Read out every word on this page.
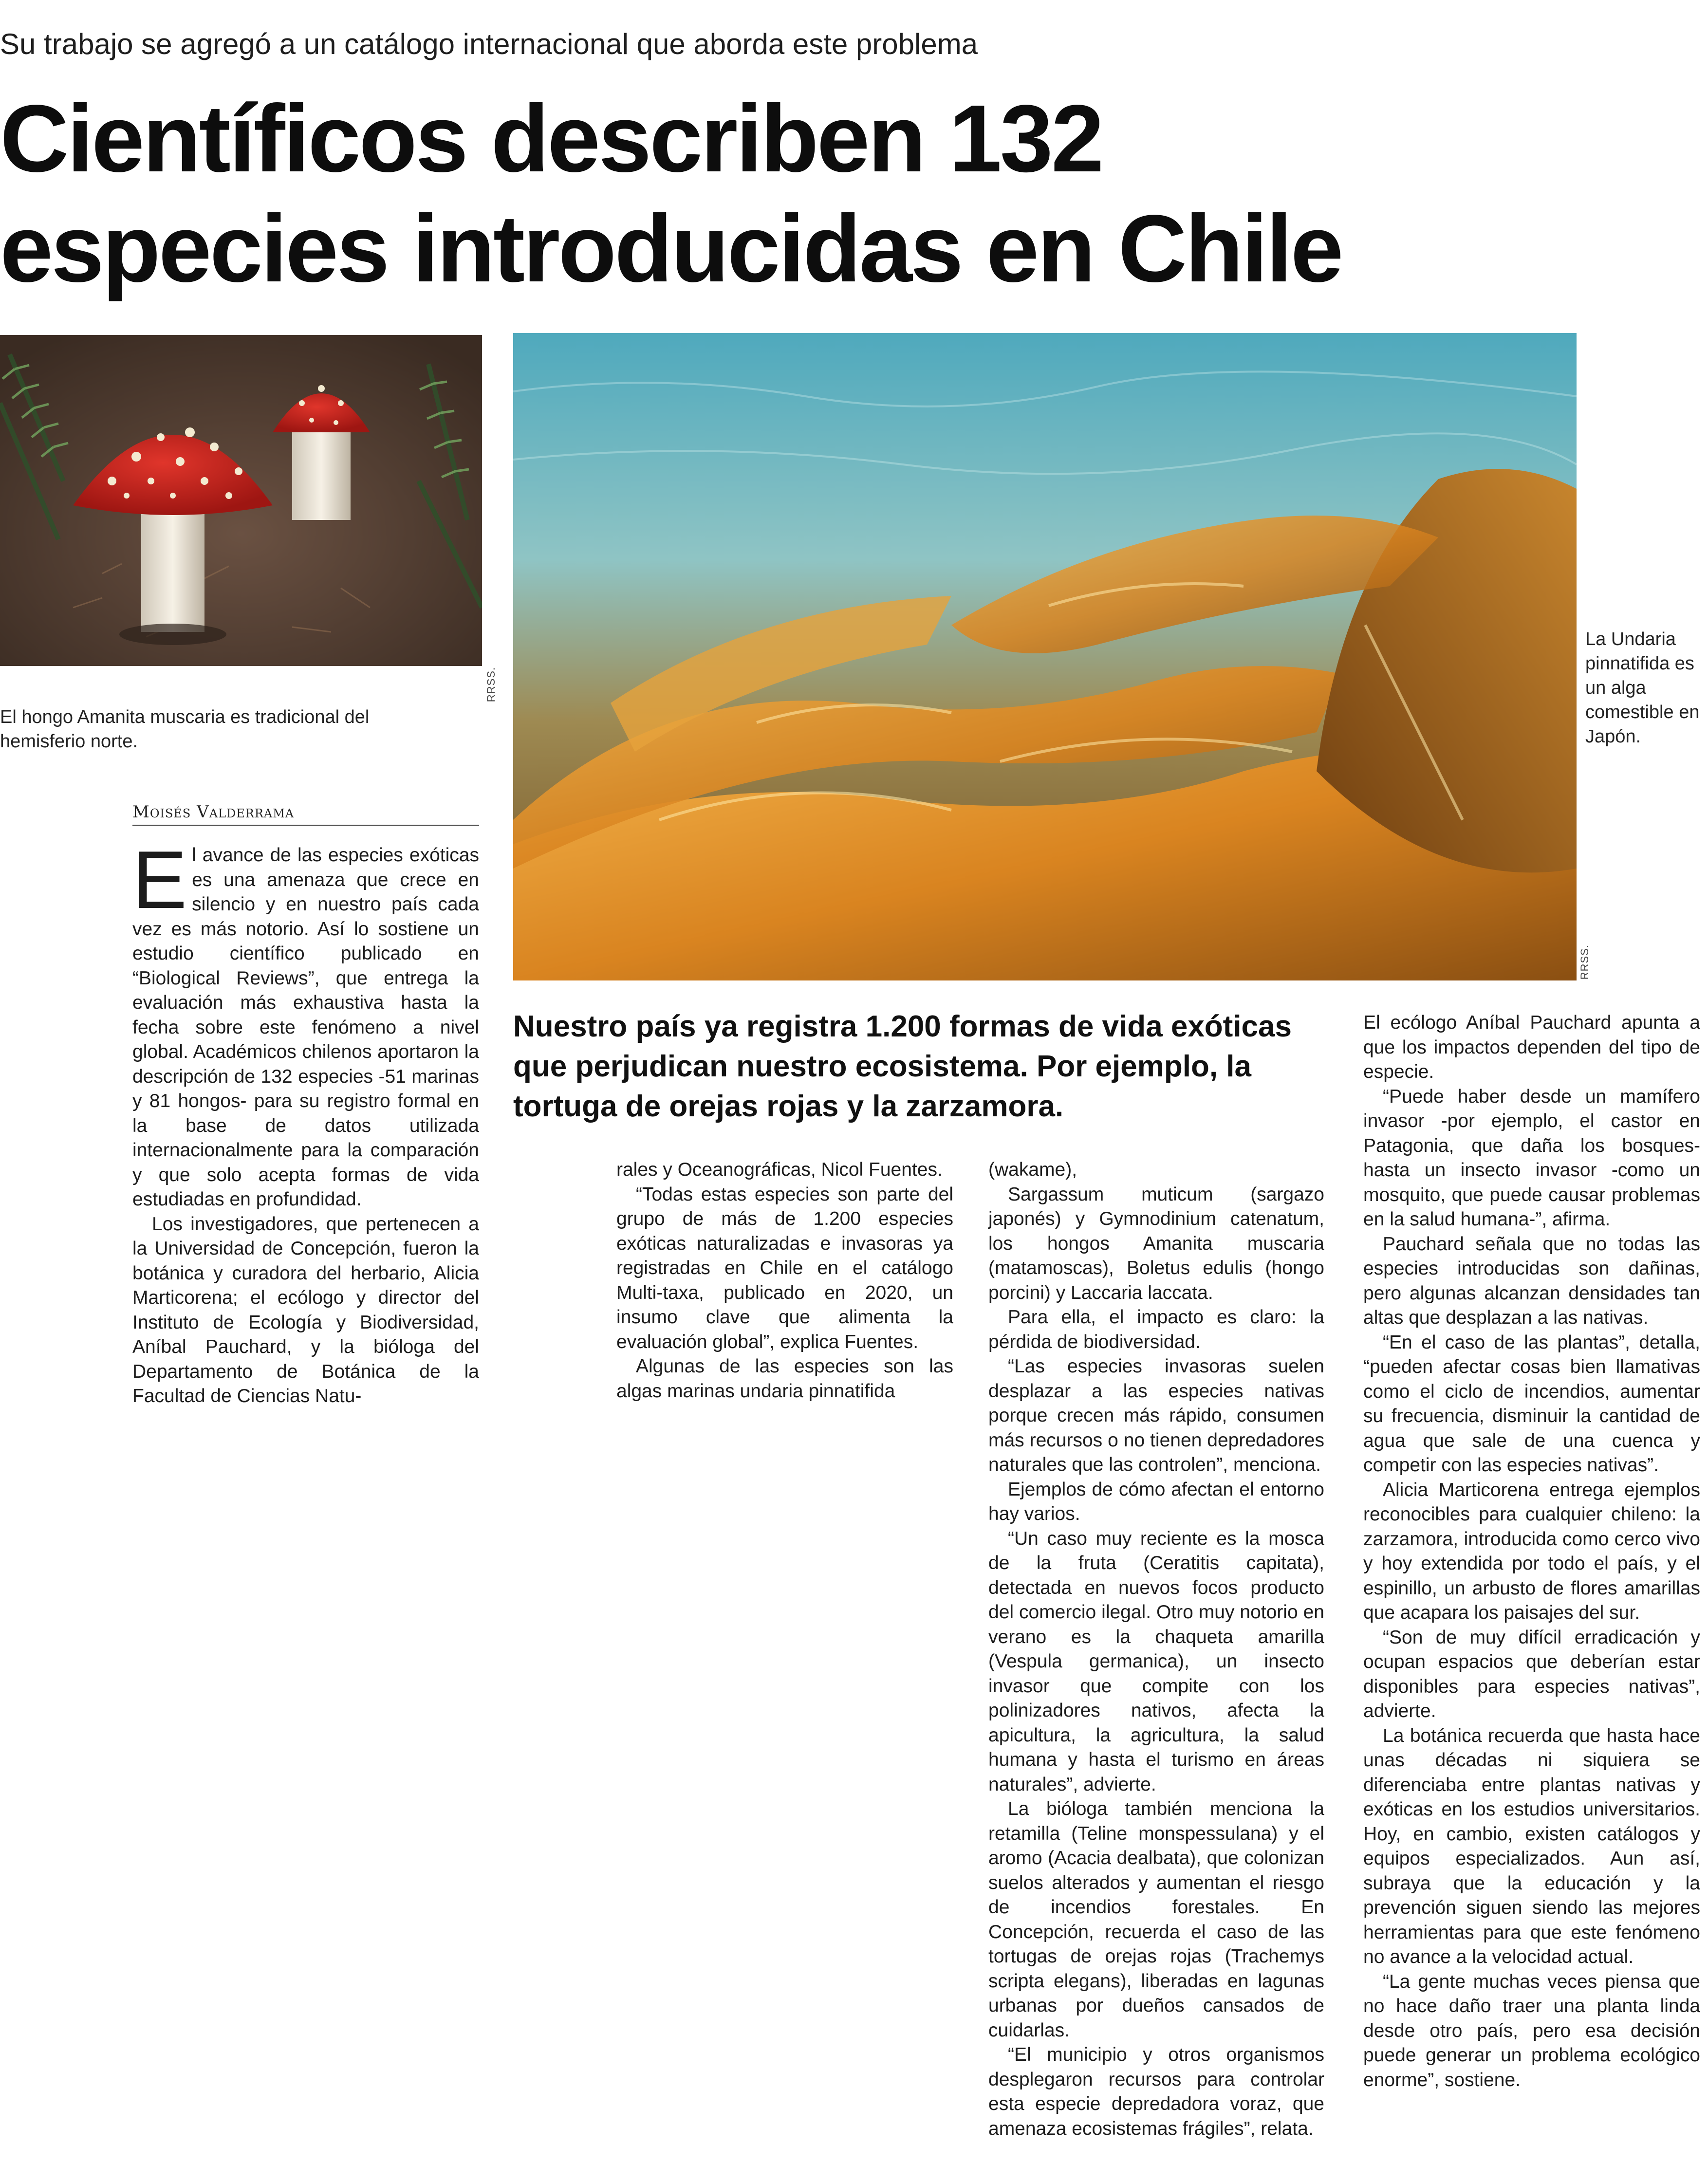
Su trabajo se agregó a un catálogo internacional que aborda este problema
Científicos describen 132
especies introducidas en Chile
RRSS.
El hongo Amanita muscaria es tradicional del hemisferio norte.
RRSS.
La Undaria pinnatifida es un alga comestible en Japón.
Moisés Valderrama
Nuestro país ya registra 1.200 formas de vida exóticas que perjudican nuestro ecosistema. Por ejemplo, la tortuga de orejas rojas y la zarzamora.

El avance de las especies exóticas es una amenaza que crece en silencio y en nuestro país cada vez es más notorio. Así lo sostiene un estudio científico publicado en “Biological Reviews”, que entrega la evaluación más exhaustiva hasta la fecha sobre este fenómeno a nivel global. Académicos chilenos aportaron la descripción de 132 especies -51 marinas y 81 hongos- para su registro formal en la base de datos utilizada internacionalmente para la comparación y que solo acepta formas de vida estudiadas en profundidad.

Los investigadores, que pertenecen a la Universidad de Concepción, fueron la botánica y curadora del herbario, Alicia Marticorena; el ecólogo y director del Instituto de Ecología y Biodiversidad, Aníbal Pauchard, y la bióloga del Departamento de Botánica de la Facultad de Ciencias Natu-

rales y Oceanográficas, Nicol Fuentes.

“Todas estas especies son parte del grupo de más de 1.200 especies exóticas naturalizadas e invasoras ya registradas en Chile en el catálogo Multi-taxa, publicado en 2020, un insumo clave que alimenta la evaluación global”, explica Fuentes.

Algunas de las especies son las algas marinas undaria pinnatifida

(wakame),

Sargassum muticum (sargazo japonés) y Gymnodinium catenatum, los hongos Amanita muscaria (matamoscas), Boletus edulis (hongo porcini) y Laccaria laccata.

Para ella, el impacto es claro: la pérdida de biodiversidad.

“Las especies invasoras suelen desplazar a las especies nativas porque crecen más rápido, consumen más recursos o no tienen depredadores naturales que las controlen”, menciona.

Ejemplos de cómo afectan el entorno hay varios.

“Un caso muy reciente es la mosca de la fruta (Ceratitis capitata), detectada en nuevos focos producto del comercio ilegal. Otro muy notorio en verano es la chaqueta amarilla (Vespula germanica), un insecto invasor que compite con los polinizadores nativos, afecta la apicultura, la agricultura, la salud humana y hasta el turismo en áreas naturales”, advierte.

La bióloga también menciona la retamilla (Teline monspessulana) y el aromo (Acacia dealbata), que colonizan suelos alterados y aumentan el riesgo de incendios forestales. En Concepción, recuerda el caso de las tortugas de orejas rojas (Trachemys scripta elegans), liberadas en lagunas urbanas por dueños cansados de cuidarlas.

“El municipio y otros organismos desplegaron recursos para controlar esta especie depredadora voraz, que amenaza ecosistemas frágiles”, relata.

El ecólogo Aníbal Pauchard apunta a que los impactos dependen del tipo de especie.

“Puede haber desde un mamífero invasor -por ejemplo, el castor en Patagonia, que daña los bosques- hasta un insecto invasor -como un mosquito, que puede causar problemas en la salud humana-”, afirma.

Pauchard señala que no todas las especies introducidas son dañinas, pero algunas alcanzan densidades tan altas que desplazan a las nativas.

“En el caso de las plantas”, detalla, “pueden afectar cosas bien llamativas como el ciclo de incendios, aumentar su frecuencia, disminuir la cantidad de agua que sale de una cuenca y competir con las especies nativas”.

Alicia Marticorena entrega ejemplos reconocibles para cualquier chileno: la zarzamora, introducida como cerco vivo y hoy extendida por todo el país, y el espinillo, un arbusto de flores amarillas que acapara los paisajes del sur.

“Son de muy difícil erradicación y ocupan espacios que deberían estar disponibles para especies nativas”, advierte.

La botánica recuerda que hasta hace unas décadas ni siquiera se diferenciaba entre plantas nativas y exóticas en los estudios universitarios. Hoy, en cambio, existen catálogos y equipos especializados. Aun así, subraya que la educación y la prevención siguen siendo las mejores herramientas para que este fenómeno no avance a la velocidad actual.

“La gente muchas veces piensa que no hace daño traer una planta linda desde otro país, pero esa decisión puede generar un problema ecológico enorme”, sostiene.
